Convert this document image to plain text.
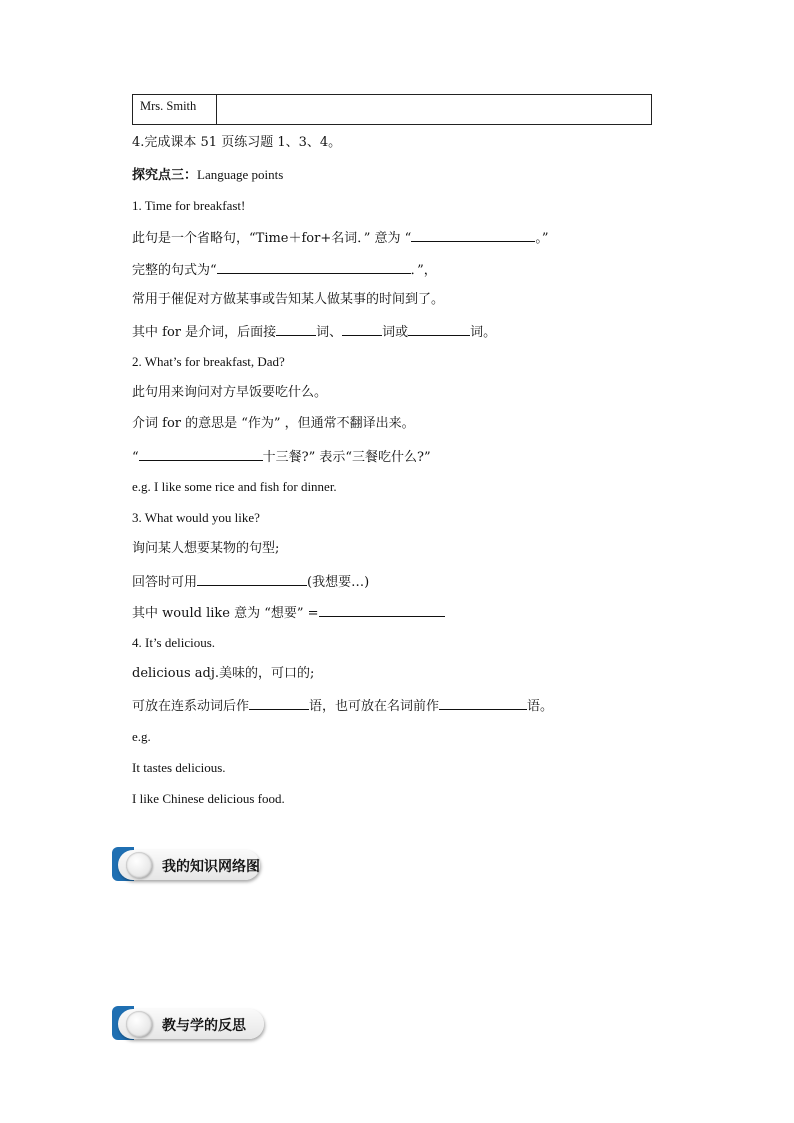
Mrs. Smith
4.完成课本 51 页练习题 1、3、4。
探究点三：Language points
1. Time for breakfast!
此句是一个省略句，“Time＋for+名词．” 意为 “	。”
完整的句式为“	．”，
常用于催促对方做某事或告知某人做某事的时间到了。
其中 for 是介词，后面接	词、	词或	词。
2. What’s for breakfast, Dad?
此句用来询问对方早饭要吃什么。
介词 for 的意思是 “作为” ，但通常不翻译出来。
“	十三餐?” 表示“三餐吃什么?”
e.g. I like some rice and fish for dinner.
3. What would you like?
询问某人想要某物的句型;
回答时可用	(我想要…)
其中 would like 意为 “想要” =
4. It’s delicious.
delicious adj.美味的，可口的;
可放在连系动词后作	语，也可放在名词前作	语。
e.g.
It tastes delicious.
I like Chinese delicious food.
我的知识网络图
教与学的反思
